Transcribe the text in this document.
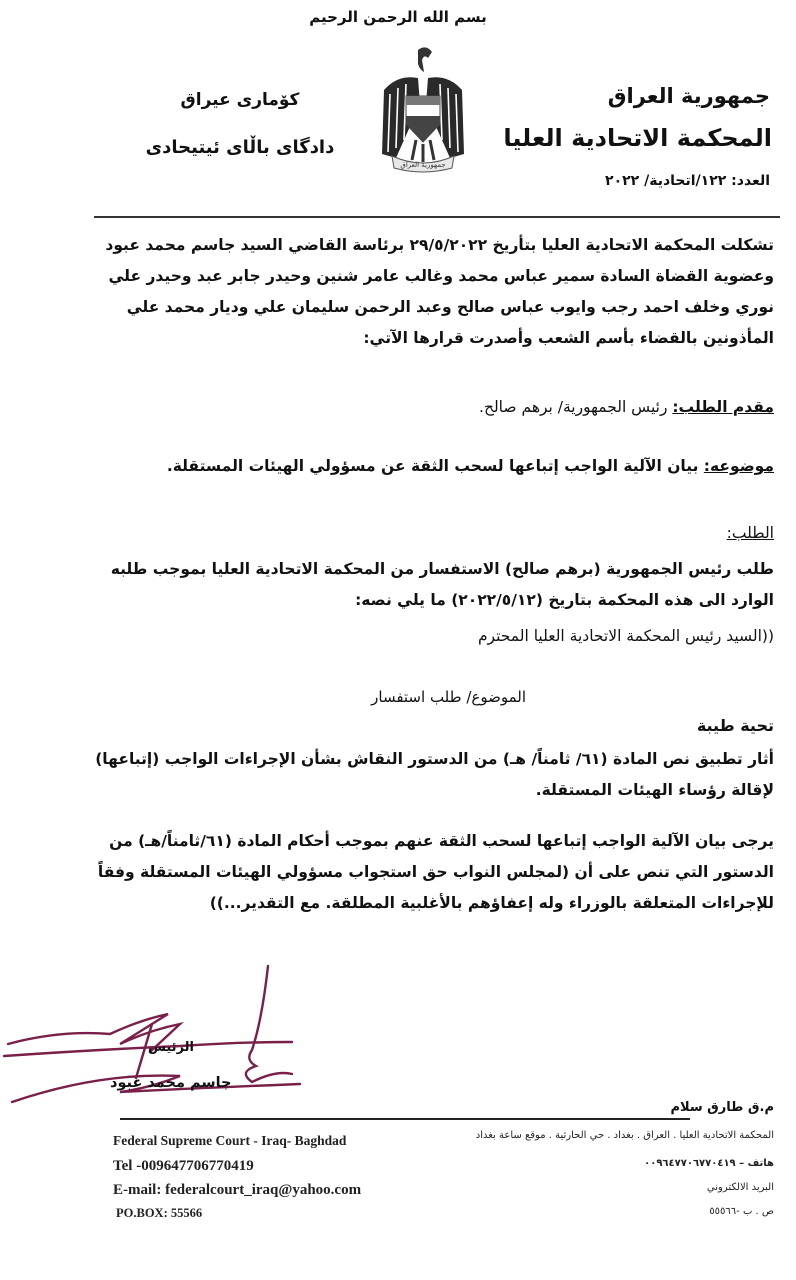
بسم الله الرحمن الرحيم
جمهورية العراق
المحكمة الاتحادية العليا
العدد: ١٢٢/اتحادية/ ٢٠٢٢
كۆمارى عيراق
دادگاى باڵاى ئيتيحادى
جمهورية العراق
تشكلت المحكمة الاتحادية العليا بتأريخ ٢٩/٥/٢٠٢٢ برئاسة القاضي السيد جاسم محمد عبود وعضوية القضاة السادة سمير عباس محمد وغالب عامر شنين وحيدر جابر عبد وحيدر علي نوري وخلف احمد رجب وايوب عباس صالح وعبد الرحمن سليمان علي وديار محمد علي المأذونين بالقضاء بأسم الشعب وأصدرت قرارها الآتي:
مقدم الطلب: رئيس الجمهورية/ برهم صالح.
موضوعه: بيان الآلية الواجب إتباعها لسحب الثقة عن مسؤولي الهيئات المستقلة.
الطلب:
طلب رئيس الجمهورية (برهم صالح) الاستفسار من المحكمة الاتحادية العليا بموجب طلبه الوارد الى هذه المحكمة بتاريخ (٢٠٢٢/٥/١٢) ما يلي نصه:
((السيد رئيس المحكمة الاتحادية العليا المحترم
الموضوع/ طلب استفسار
تحية طيبة
أثار تطبيق نص المادة (٦١/ ثامناً/ هـ) من الدستور النقاش بشأن الإجراءات الواجب (إتباعها) لإقالة رؤساء الهيئات المستقلة.
يرجى بيان الآلية الواجب إتباعها لسحب الثقة عنهم بموجب أحكام المادة (٦١/ثامناً/هـ) من الدستور التي تنص على أن (لمجلس النواب حق استجواب مسؤولي الهيئات المستقلة وفقاً للإجراءات المتعلقة بالوزراء وله إعفاؤهم بالأغلبية المطلقة. مع التقدير...))
الرئيس
جاسم محمد عبود
م.ق طارق سلام
Federal Supreme Court - Iraq- Baghdad
Tel -009647706770419
E-mail: federalcourt_iraq@yahoo.com
PO.BOX: 55566
المحكمة الاتحادية العليا . العراق . بغداد . حي الحارثية . موقع ساعة بغداد
هاتف – ٠٠٩٦٤٧٧٠٦٧٧٠٤١٩
البريد الالكتروني
ص . ب -٥٥٥٦٦
